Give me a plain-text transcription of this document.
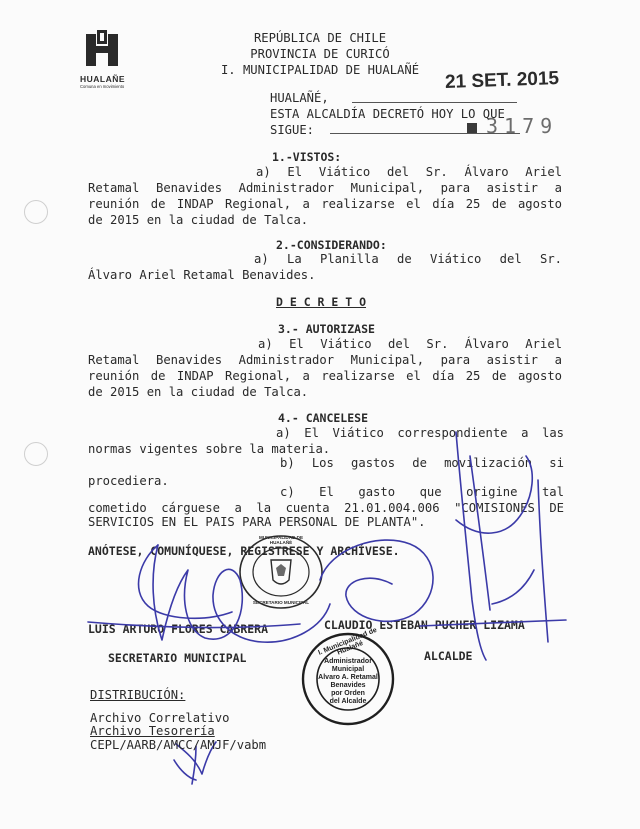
HUALAÑE
Comuna en movimiento
REPÚBLICA DE CHILE
PROVINCIA DE CURICÓ
I. MUNICIPALIDAD DE HUALAÑÉ	21 SET. 2015
3179
HUALAÑÉ,
ESTA ALCALDÍA DECRETÓ HOY LO QUE
SIGUE:
1.-VISTOS:
a) El Viático del Sr. Álvaro Ariel
Retamal Benavides Administrador Municipal, para asistir a
reunión de INDAP Regional, a realizarse el día 25 de agosto
de 2015 en la ciudad de Talca.
2.-CONSIDERANDO:
a) La Planilla de Viático del Sr.
Álvaro Ariel Retamal Benavides.
D E C R E T O
3.- AUTORIZASE
a) El Viático del Sr. Álvaro Ariel
Retamal Benavides Administrador Municipal, para asistir a
reunión de INDAP Regional, a realizarse el día 25 de agosto
de 2015 en la ciudad de Talca.
4.- CANCELESE
a) El Viático correspondiente a las
normas vigentes sobre la materia.
b) Los gastos de movilización si
procediera.
c) El gasto que origine tal
cometido cárguese a la cuenta 21.01.004.006 "COMISIONES DE
SERVICIOS EN EL PAIS PARA PERSONAL DE PLANTA".
ANÓTESE, COMUNÍQUESE, REGISTRESE Y ARCHÍVESE.
LUIS ARTURO FLORES CABRERA	CLAUDIO ESTEBAN PUCHER LIZAMA
SECRETARIO MUNICIPAL	ALCALDE
MUNICIPALIDAD DE HUALAÑÉ
SECRETARIO MUNICIPAL
I. Municipalidad de Hualañé
Administrador
Municipal
Alvaro A. Retamal
Benavides
por Orden
del Alcalde
DISTRIBUCIÓN:
Archivo Correlativo
Archivo Tesorería
CEPL/AARB/AMCC/AMJF/vabm
